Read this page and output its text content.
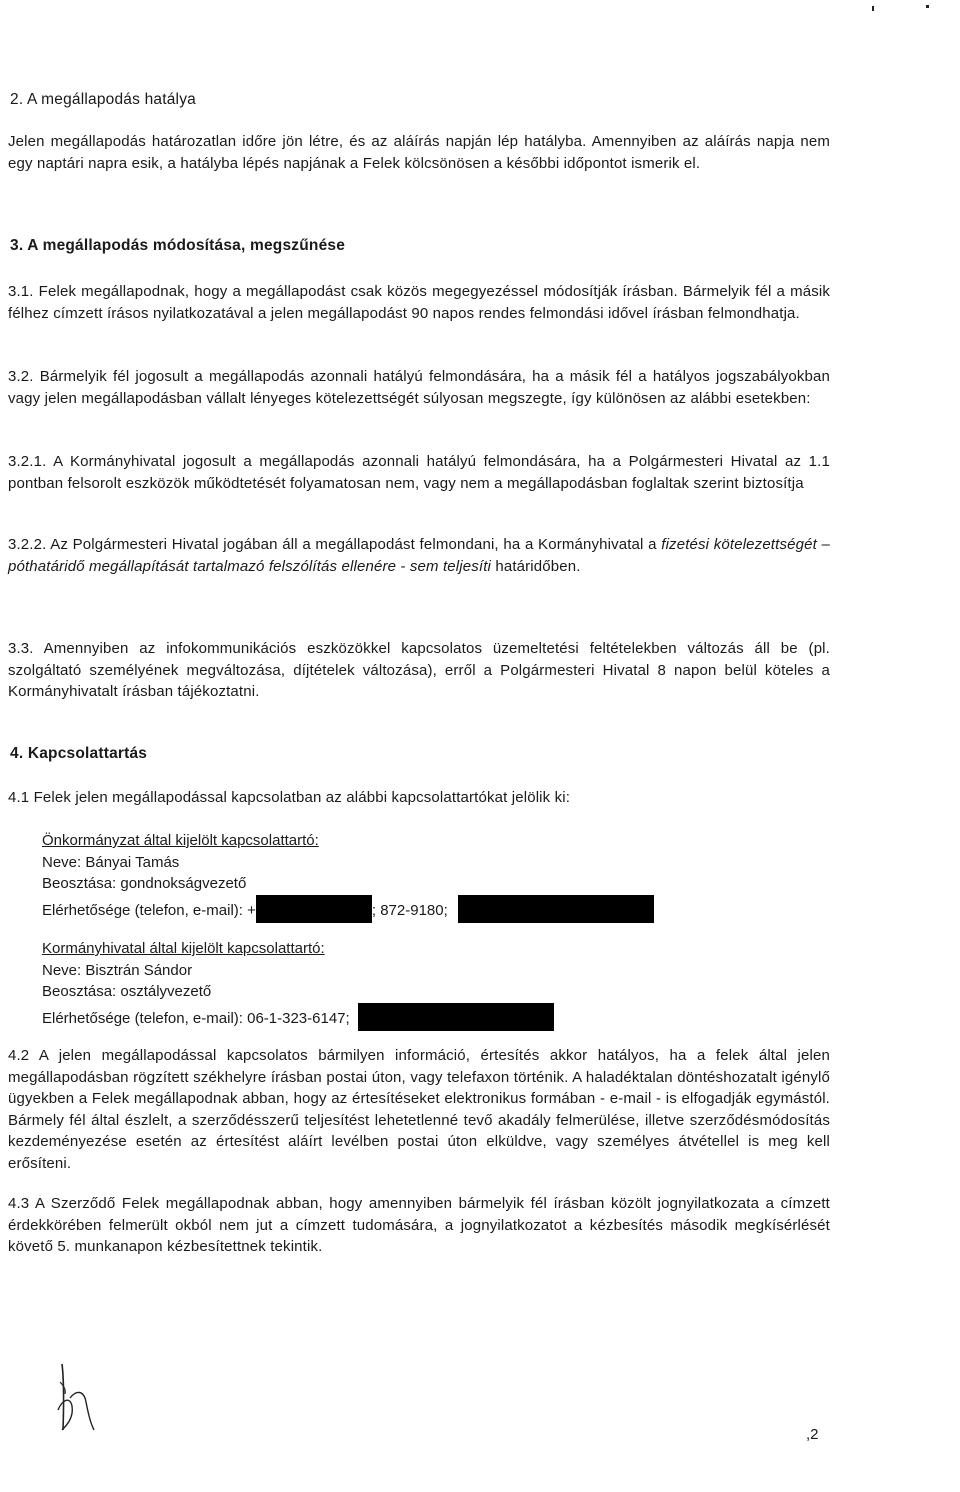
2. A megállapodás hatálya
Jelen megállapodás határozatlan időre jön létre, és az aláírás napján lép hatályba. Amennyiben az aláírás napja nem egy naptári napra esik, a hatályba lépés napjának a Felek kölcsönösen a későbbi időpontot ismerik el.
3. A megállapodás módosítása, megszűnése
3.1. Felek megállapodnak, hogy a megállapodást csak közös megegyezéssel módosítják írásban. Bármelyik fél a másik félhez címzett írásos nyilatkozatával a jelen megállapodást 90 napos rendes felmondási idővel írásban felmondhatja.
3.2. Bármelyik fél jogosult a megállapodás azonnali hatályú felmondására, ha a másik fél a hatályos jogszabályokban vagy jelen megállapodásban vállalt lényeges kötelezettségét súlyosan megszegte, így különösen az alábbi esetekben:
3.2.1. A Kormányhivatal jogosult a megállapodás azonnali hatályú felmondására, ha a Polgármesteri Hivatal az 1.1 pontban felsorolt eszközök működtetését folyamatosan nem, vagy nem a megállapodásban foglaltak szerint biztosítja
3.2.2. Az Polgármesteri Hivatal jogában áll a megállapodást felmondani, ha a Kormányhivatal a fizetési kötelezettségét – póthatáridő megállapítását tartalmazó felszólítás ellenére - sem teljesíti határidőben.
3.3. Amennyiben az infokommunikációs eszközökkel kapcsolatos üzemeltetési feltételekben változás áll be (pl. szolgáltató személyének megváltozása, díjtételek változása), erről a Polgármesteri Hivatal 8 napon belül köteles a Kormányhivatalt írásban tájékoztatni.
4. Kapcsolattartás
4.1 Felek jelen megállapodással kapcsolatban az alábbi kapcsolattartókat jelölik ki:
Önkormányzat által kijelölt kapcsolattartó:
Neve: Bányai Tamás
Beosztása: gondnokságvezető
Elérhetősége (telefon, e-mail): +	; 872-9180;
Kormányhivatal által kijelölt kapcsolattartó:
Neve: Bisztrán Sándor
Beosztása: osztályvezető
Elérhetősége (telefon, e-mail): 06-1-323-6147;
4.2 A jelen megállapodással kapcsolatos bármilyen információ, értesítés akkor hatályos, ha a felek által jelen megállapodásban rögzített székhelyre írásban postai úton, vagy telefaxon történik. A haladéktalan döntéshozatalt igénylő ügyekben a Felek megállapodnak abban, hogy az értesítéseket elektronikus formában - e-mail - is elfogadják egymástól. Bármely fél által észlelt, a szerződésszerű teljesítést lehetetlenné tevő akadály felmerülése, illetve szerződésmódosítás kezdeményezése esetén az értesítést aláírt levélben postai úton elküldve, vagy személyes átvétellel is meg kell erősíteni.
4.3 A Szerződő Felek megállapodnak abban, hogy amennyiben bármelyik fél írásban közölt jognyilatkozata a címzett érdekkörében felmerült okból nem jut a címzett tudomására, a jognyilatkozatot a kézbesítés második megkísérlését követő 5. munkanapon kézbesítettnek tekintik.
,2
